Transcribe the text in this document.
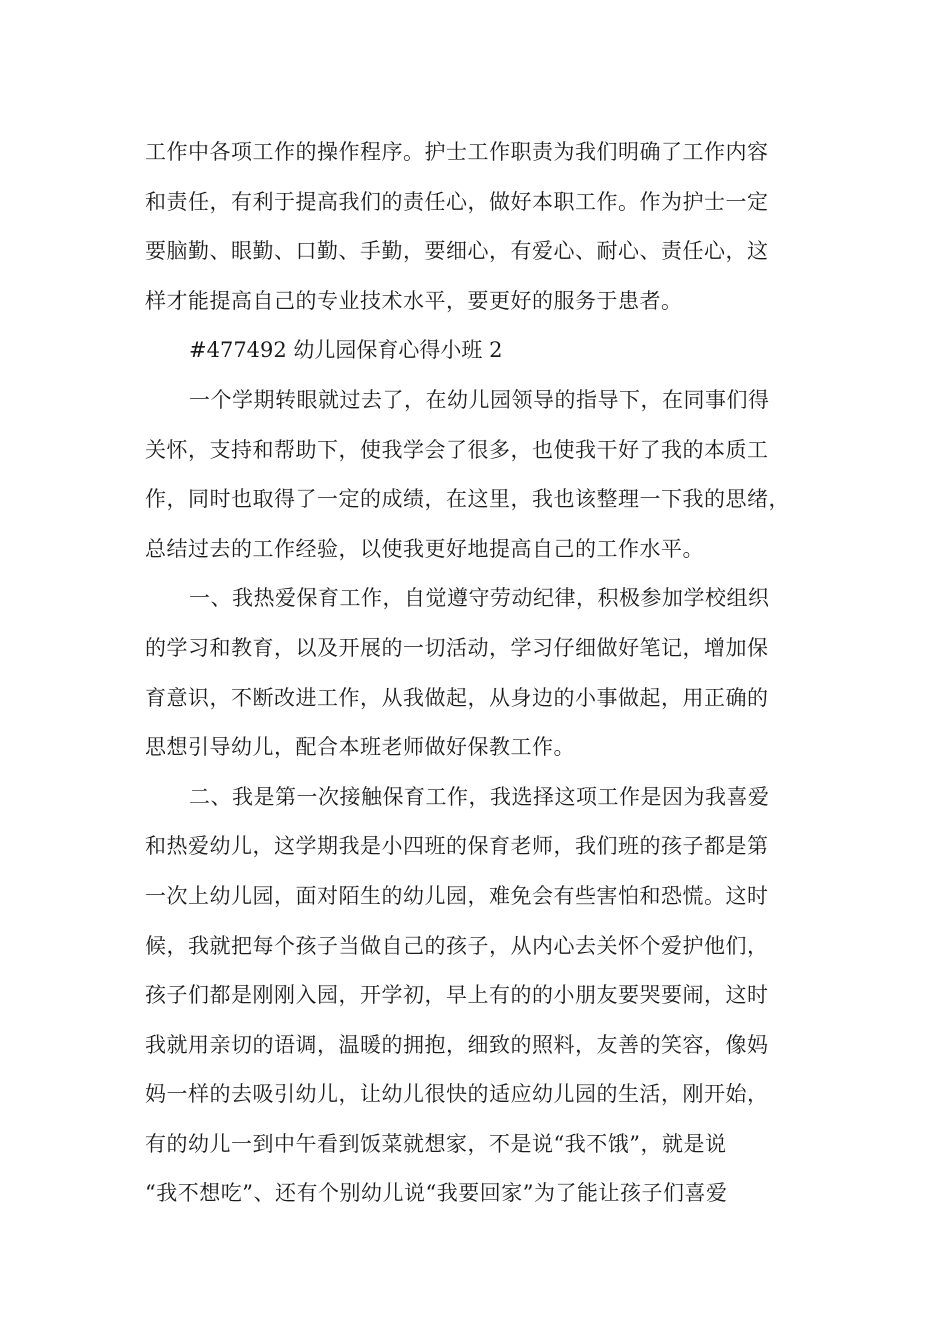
工作中各项工作的操作程序。护士工作职责为我们明确了工作内容
和责任，有利于提高我们的责任心，做好本职工作。作为护士一定
要脑勤、眼勤、口勤、手勤，要细心，有爱心、耐心、责任心，这
样才能提高自己的专业技术水平，要更好的服务于患者。
#477492 幼儿园保育心得小班 2
一个学期转眼就过去了，在幼儿园领导的指导下，在同事们得
关怀，支持和帮助下，使我学会了很多，也使我干好了我的本质工
作，同时也取得了一定的成绩，在这里，我也该整理一下我的思绪，
总结过去的工作经验，以使我更好地提高自己的工作水平。
一、我热爱保育工作，自觉遵守劳动纪律，积极参加学校组织
的学习和教育，以及开展的一切活动，学习仔细做好笔记，增加保
育意识，不断改进工作，从我做起，从身边的小事做起，用正确的
思想引导幼儿，配合本班老师做好保教工作。
二、我是第一次接触保育工作，我选择这项工作是因为我喜爱
和热爱幼儿，这学期我是小四班的保育老师，我们班的孩子都是第
一次上幼儿园，面对陌生的幼儿园，难免会有些害怕和恐慌。这时
候，我就把每个孩子当做自己的孩子，从内心去关怀个爱护他们，
孩子们都是刚刚入园，开学初，早上有的的小朋友要哭要闹，这时
我就用亲切的语调，温暖的拥抱，细致的照料，友善的笑容，像妈
妈一样的去吸引幼儿，让幼儿很快的适应幼儿园的生活，刚开始，
有的幼儿一到中午看到饭菜就想家，不是说“我不饿”，就是说
“我不想吃”、还有个别幼儿说“我要回家”为了能让孩子们喜爱
